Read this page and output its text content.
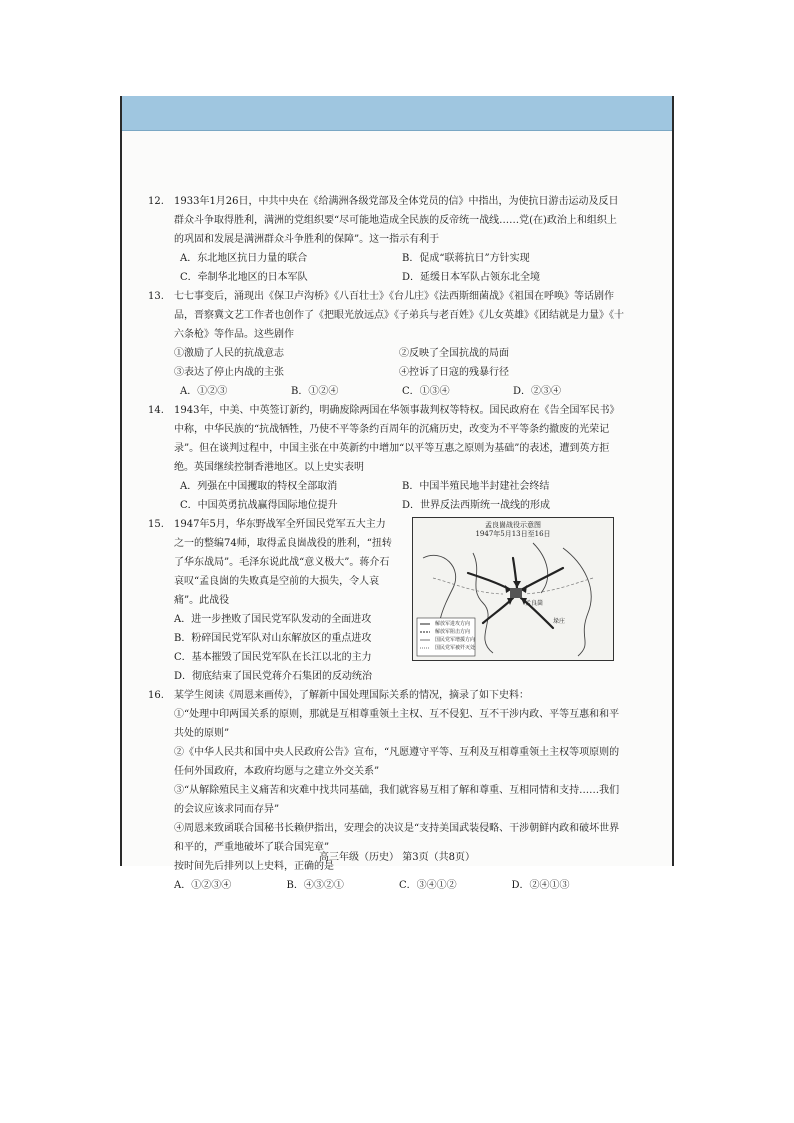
12.	1933年1月26日，中共中央在《给满洲各级党部及全体党员的信》中指出，为使抗日游击运动及反日群众斗争取得胜利，满洲的党组织要“尽可能地造成全民族的反帝统一战线……党(在)政治上和组织上的巩固和发展是满洲群众斗争胜利的保障”。这一指示有利于

A．东北地区抗日力量的联合	B．促成“联蒋抗日”方针实现
C．牵制华北地区的日本军队	D．延缓日本军队占领东北全境
13.	七七事变后，涌现出《保卫卢沟桥》《八百壮士》《台儿庄》《法西斯细菌战》《祖国在呼唤》等话剧作品，晋察冀文艺工作者也创作了《把眼光放远点》《子弟兵与老百姓》《儿女英雄》《团结就是力量》《十六条枪》等作品。这些剧作

①激励了人民的抗战意志	②反映了全国抗战的局面
③表达了停止内战的主张	④控诉了日寇的残暴行径
A．①②③	B．①②④	C．①③④	D．②③④
14.	1943年，中美、中英签订新约，明确废除两国在华领事裁判权等特权。国民政府在《告全国军民书》中称，中华民族的“抗战牺牲，乃使不平等条约百周年的沉痛历史，改变为不平等条约撤废的光荣记录”。但在谈判过程中，中国主张在中英新约中增加“以平等互惠之原则为基础”的表述，遭到英方拒绝。英国继续控制香港地区。以上史实表明

A．列强在中国攫取的特权全部取消	B．中国半殖民地半封建社会终结
C．中国英勇抗战赢得国际地位提升	D．世界反法西斯统一战线的形成
15.	1947年5月，华东野战军全歼国民党军五大主力之一的整编74师，取得孟良崮战役的胜利，“扭转了华东战局”。毛泽东说此战“意义极大”。蒋介石哀叹“孟良崮的失败真是空前的大损失，令人哀痛”。此战役

A．进一步挫败了国民党军队发动的全面进攻
B．粉碎国民党军队对山东解放区的重点进攻
C．基本摧毁了国民党军队在长江以北的主力
D．彻底结束了国民党蒋介石集团的反动统治
孟良崮战役示意图
1947年5月13日至16日
孟良崮
垛庄
解放军进攻方向
解放军阻击方向
国民党军增援方向
国民党军被歼灭处
16.	某学生阅读《周恩来画传》，了解新中国处理国际关系的情况，摘录了如下史料：

①“处理中印两国关系的原则，那就是互相尊重领土主权、互不侵犯、互不干涉内政、平等互惠和和平共处的原则”

②《中华人民共和国中央人民政府公告》宣布，“凡愿遵守平等、互利及互相尊重领土主权等项原则的任何外国政府，本政府均愿与之建立外交关系”

③“从解除殖民主义痛苦和灾难中找共同基础，我们就容易互相了解和尊重、互相同情和支持……我们的会议应该求同而存异”

④周恩来致函联合国秘书长赖伊指出，安理会的决议是“支持美国武装侵略、干涉朝鲜内政和破坏世界和平的，严重地破坏了联合国宪章”

按时间先后排列以上史料，正确的是

A．①②③④	B．④③②①	C．③④①②	D．②④①③
高三年级（历史） 第3页（共8页）
